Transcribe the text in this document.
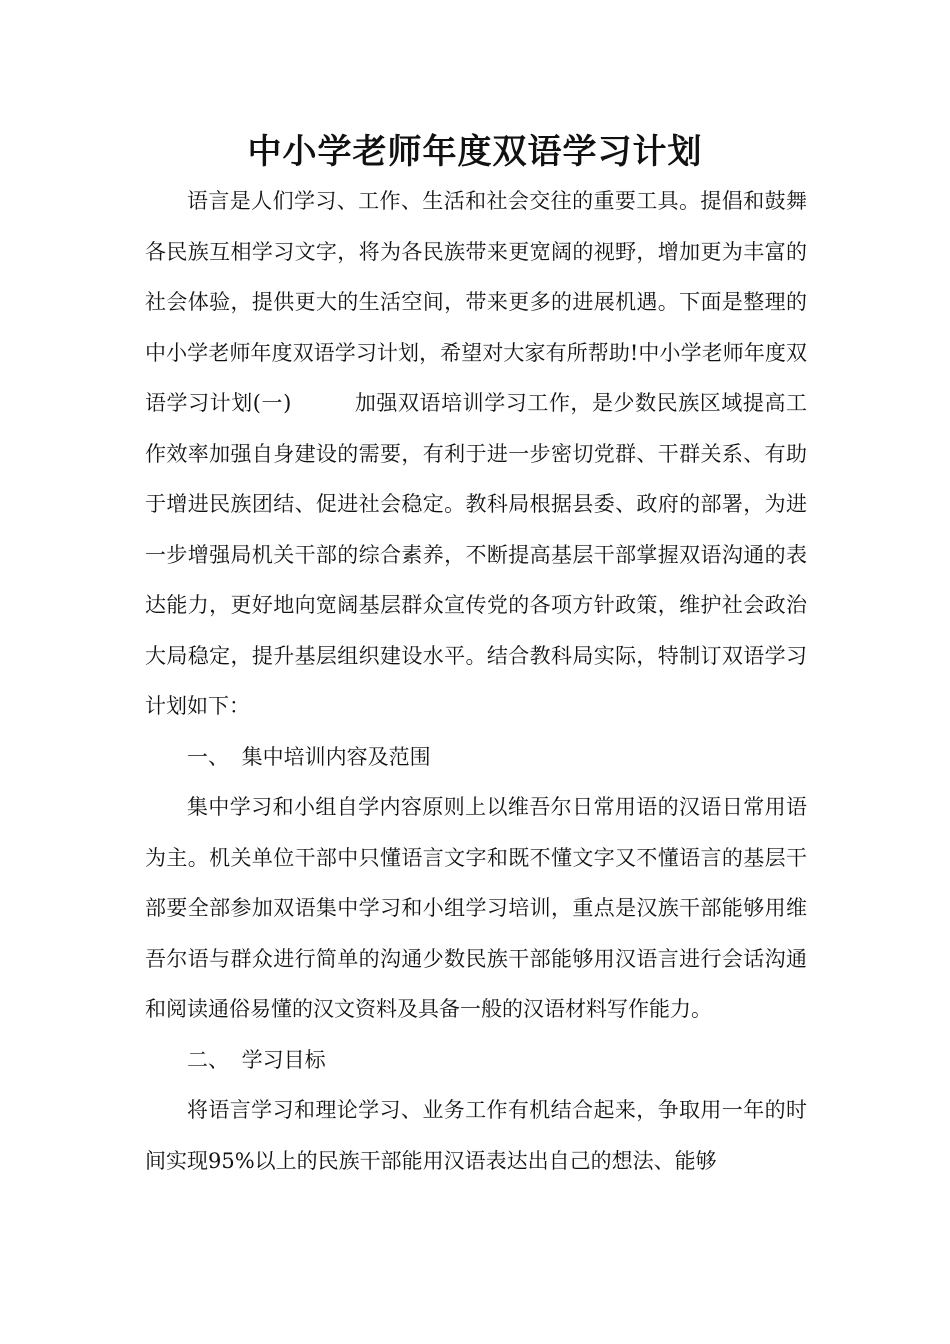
中小学老师年度双语学习计划

语言是人们学习、工作、生活和社会交往的重要工具。提倡和鼓舞各民族互相学习文字，将为各民族带来更宽阔的视野，增加更为丰富的社会体验，提供更大的生活空间，带来更多的进展机遇。下面是整理的中小学老师年度双语学习计划，希望对大家有所帮助!中小学老师年度双语学习计划(一)	加强双语培训学习工作，是少数民族区域提高工作效率加强自身建设的需要，有利于进一步密切党群、干群关系、有助于增进民族团结、促进社会稳定。教科局根据县委、政府的部署，为进一步增强局机关干部的综合素养，不断提高基层干部掌握双语沟通的表达能力，更好地向宽阔基层群众宣传党的各项方针政策，维护社会政治大局稳定，提升基层组织建设水平。结合教科局实际，特制订双语学习计划如下：

一、 集中培训内容及范围

集中学习和小组自学内容原则上以维吾尔日常用语的汉语日常用语为主。机关单位干部中只懂语言文字和既不懂文字又不懂语言的基层干部要全部参加双语集中学习和小组学习培训，重点是汉族干部能够用维吾尔语与群众进行简单的沟通少数民族干部能够用汉语言进行会话沟通和阅读通俗易懂的汉文资料及具备一般的汉语材料写作能力。

二、 学习目标

将语言学习和理论学习、业务工作有机结合起来，争取用一年的时间实现95%以上的民族干部能用汉语表达出自己的想法、能够
